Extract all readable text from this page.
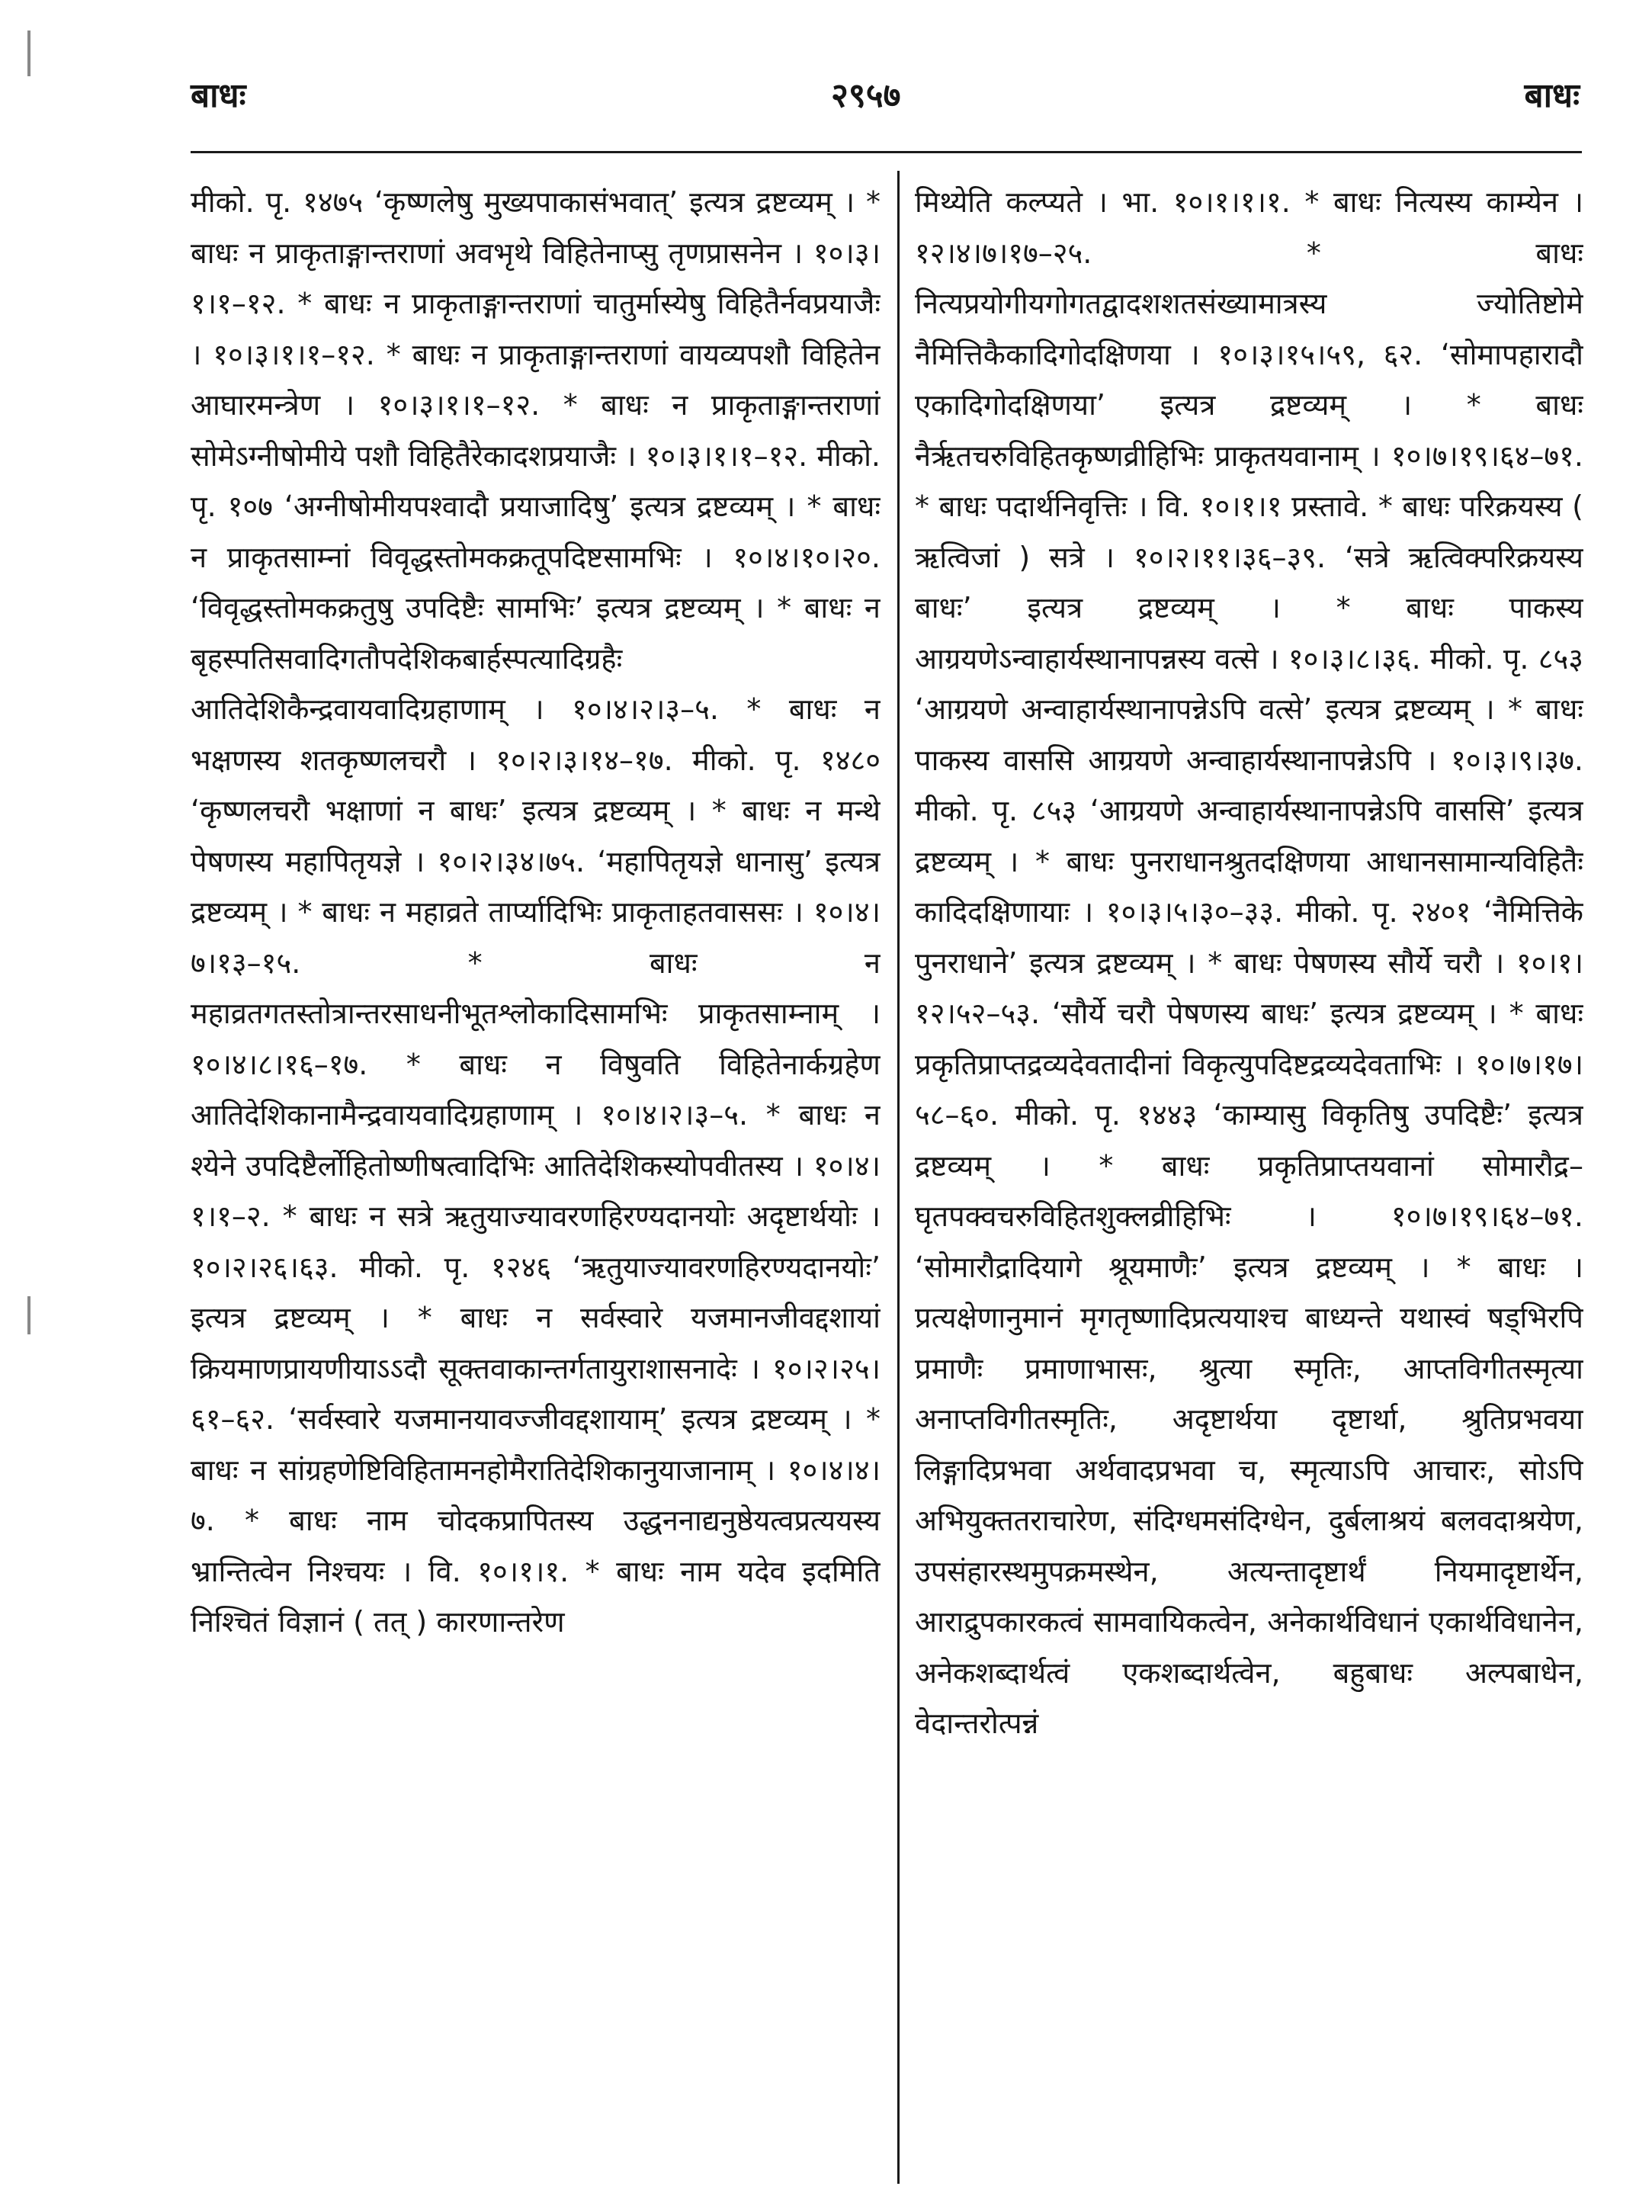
बाधः	२९५७	बाधः
मीको. पृ. १४७५ ‘कृष्णलेषु मुख्यपाकासंभवात्’ इत्यत्र द्रष्टव्यम् । * बाधः न प्राकृताङ्गान्तराणां अवभृथे विहितेनाप्सु तृणप्रासनेन । १०।३।१।१–१२. * बाधः न प्राकृताङ्गान्तराणां चातुर्मास्येषु विहितैर्नवप्रयाजैः । १०।३।१।१–१२. * बाधः न प्राकृताङ्गान्तराणां वायव्यपशौ विहितेन आघारमन्त्रेण । १०।३।१।१–१२. * बाधः न प्राकृताङ्गान्तराणां सोमेऽग्नीषोमीये पशौ विहितैरेकादशप्रयाजैः । १०।३।१।१–१२. मीको. पृ. १०७ ‘अग्नीषोमीयपश्वादौ प्रयाजादिषु’ इत्यत्र द्रष्टव्यम् । * बाधः न प्राकृतसाम्नां विवृद्धस्तोमकक्रतूपदिष्टसामभिः । १०।४।१०।२०. ‘विवृद्धस्तोमकक्रतुषु उपदिष्टैः सामभिः’ इत्यत्र द्रष्टव्यम् । * बाधः न बृहस्पतिसवादिगतौपदेशिकबार्हस्पत्यादिग्रहैः आतिदेशिकैन्द्रवायवादिग्रहाणाम् । १०।४।२।३–५. * बाधः न भक्षणस्य शतकृष्णलचरौ । १०।२।३।१४–१७. मीको. पृ. १४८० ‘कृष्णलचरौ भक्षाणां न बाधः’ इत्यत्र द्रष्टव्यम् । * बाधः न मन्थे पेषणस्य महापितृयज्ञे । १०।२।३४।७५. ‘महापितृयज्ञे धानासु’ इत्यत्र द्रष्टव्यम् । * बाधः न महाव्रते तार्प्यादिभिः प्राकृताहतवाससः । १०।४।७।१३–१५. * बाधः न महाव्रतगतस्तोत्रान्तरसाधनीभूतश्लोकादिसामभिः प्राकृतसाम्नाम् । १०।४।८।१६–१७. * बाधः न विषुवति विहितेनार्कग्रहेण आतिदेशिकानामैन्द्रवायवादिग्रहाणाम् । १०।४।२।३–५. * बाधः न श्येने उपदिष्टैर्लोहितोष्णीषत्वादिभिः आतिदेशिकस्योपवीतस्य । १०।४।१।१–२. * बाधः न सत्रे ऋतुयाज्यावरणहिरण्यदानयोः अदृष्टार्थयोः । १०।२।२६।६३. मीको. पृ. १२४६ ‘ऋतुयाज्यावरणहिरण्यदानयोः’ इत्यत्र द्रष्टव्यम् । * बाधः न सर्वस्वारे यजमानजीवद्दशायां क्रियमाणप्रायणीयाऽऽदौ सूक्तवाकान्तर्गतायुराशासनादेः । १०।२।२५।६१–६२. ‘सर्वस्वारे यजमानयावज्जीवद्दशायाम्’ इत्यत्र द्रष्टव्यम् । * बाधः न सांग्रहणेष्टिविहितामनहोमैरातिदेशिकानुयाजानाम् । १०।४।४।७. * बाधः नाम चोदकप्रापितस्य उद्धननाद्यनुष्ठेयत्वप्रत्ययस्य भ्रान्तित्वेन निश्चयः । वि. १०।१।१. * बाधः नाम यदेव इदमिति निश्चितं विज्ञानं ( तत् ) कारणान्तरेण
मिथ्येति कल्प्यते । भा. १०।१।१।१. * बाधः नित्यस्य काम्येन । १२।४।७।१७–२५. * बाधः नित्यप्रयोगीयगोगतद्वादशशतसंख्यामात्रस्य ज्योतिष्टोमे नैमित्तिकैकादिगोदक्षिणया । १०।३।१५।५९, ६२. ‘सोमापहारादौ एकादिगोदक्षिणया’ इत्यत्र द्रष्टव्यम् । * बाधः नैर्ऋतचरुविहितकृष्णव्रीहिभिः प्राकृतयवानाम् । १०।७।१९।६४–७१. * बाधः पदार्थनिवृत्तिः । वि. १०।१।१ प्रस्तावे. * बाधः परिक्रयस्य ( ऋत्विजां ) सत्रे । १०।२।११।३६–३९. ‘सत्रे ऋत्विक्परिक्रयस्य बाधः’ इत्यत्र द्रष्टव्यम् । * बाधः पाकस्य आग्रयणेऽन्वाहार्यस्थानापन्नस्य वत्से । १०।३।८।३६. मीको. पृ. ८५३ ‘आग्रयणे अन्वाहार्यस्थानापन्नेऽपि वत्से’ इत्यत्र द्रष्टव्यम् । * बाधः पाकस्य वाससि आग्रयणे अन्वाहार्यस्थानापन्नेऽपि । १०।३।९।३७. मीको. पृ. ८५३ ‘आग्रयणे अन्वाहार्यस्थानापन्नेऽपि वाससि’ इत्यत्र द्रष्टव्यम् । * बाधः पुनराधानश्रुतदक्षिणया आधानसामान्यविहितैः कादिदक्षिणायाः । १०।३।५।३०–३३. मीको. पृ. २४०१ ‘नैमित्तिके पुनराधाने’ इत्यत्र द्रष्टव्यम् । * बाधः पेषणस्य सौर्ये चरौ । १०।१।१२।५२–५३. ‘सौर्ये चरौ पेषणस्य बाधः’ इत्यत्र द्रष्टव्यम् । * बाधः प्रकृतिप्राप्तद्रव्यदेवतादीनां विकृत्युपदिष्टद्रव्यदेवताभिः । १०।७।१७।५८–६०. मीको. पृ. १४४३ ‘काम्यासु विकृतिषु उपदिष्टैः’ इत्यत्र द्रष्टव्यम् । * बाधः प्रकृतिप्राप्तयवानां सोमारौद्र–घृतपक्वचरुविहितशुक्लव्रीहिभिः । १०।७।१९।६४–७१. ‘सोमारौद्रादियागे श्रूयमाणैः’ इत्यत्र द्रष्टव्यम् । * बाधः । प्रत्यक्षेणानुमानं मृगतृष्णादिप्रत्ययाश्च बाध्यन्ते यथास्वं षड्भिरपि प्रमाणैः प्रमाणाभासः, श्रुत्या स्मृतिः, आप्तविगीतस्मृत्या अनाप्तविगीतस्मृतिः, अदृष्टार्थया दृष्टार्था, श्रुतिप्रभवया लिङ्गादिप्रभवा अर्थवादप्रभवा च, स्मृत्याऽपि आचारः, सोऽपि अभियुक्ततराचारेण, संदिग्धमसंदिग्धेन, दुर्बलाश्रयं बलवदाश्रयेण, उपसंहारस्थमुपक्रमस्थेन, अत्यन्तादृष्टार्थं नियमादृष्टार्थेन, आराद्रुपकारकत्वं सामवायिकत्वेन, अनेकार्थविधानं एकार्थविधानेन, अनेकशब्दार्थत्वं एकशब्दार्थत्वेन, बहुबाधः अल्पबाधेन, वेदान्तरोत्पन्नं
